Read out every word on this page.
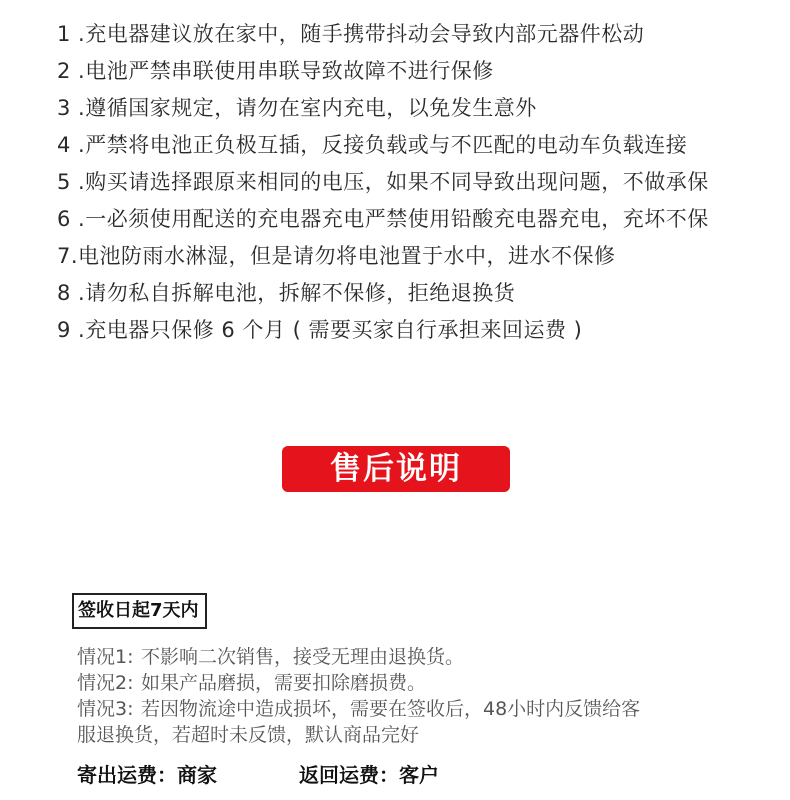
1 .充电器建议放在家中，随手携带抖动会导致内部元器件松动
2 .电池严禁串联使用串联导致故障不进行保修
3 .遵循国家规定，请勿在室内充电，以免发生意外
4 .严禁将电池正负极互插，反接负载或与不匹配的电动车负载连接
5 .购买请选择跟原来相同的电压，如果不同导致出现问题，不做承保
6 .一必须使用配送的充电器充电严禁使用铅酸充电器充电，充坏不保
7.电池防雨水淋湿，但是请勿将电池置于水中，进水不保修
8 .请勿私自拆解电池，拆解不保修，拒绝退换货
9 .充电器只保修 6 个月 ( 需要买家自行承担来回运费 )
售后说明
签收日起7天内

情况1: 不影响二次销售，接受无理由退换货。

情况2: 如果产品磨损，需要扣除磨损费。

情况3: 若因物流途中造成损坏，需要在签收后，48小时内反馈给客

服退换货，若超时未反馈，默认商品完好

寄出运费：商家	返回运费：客户
